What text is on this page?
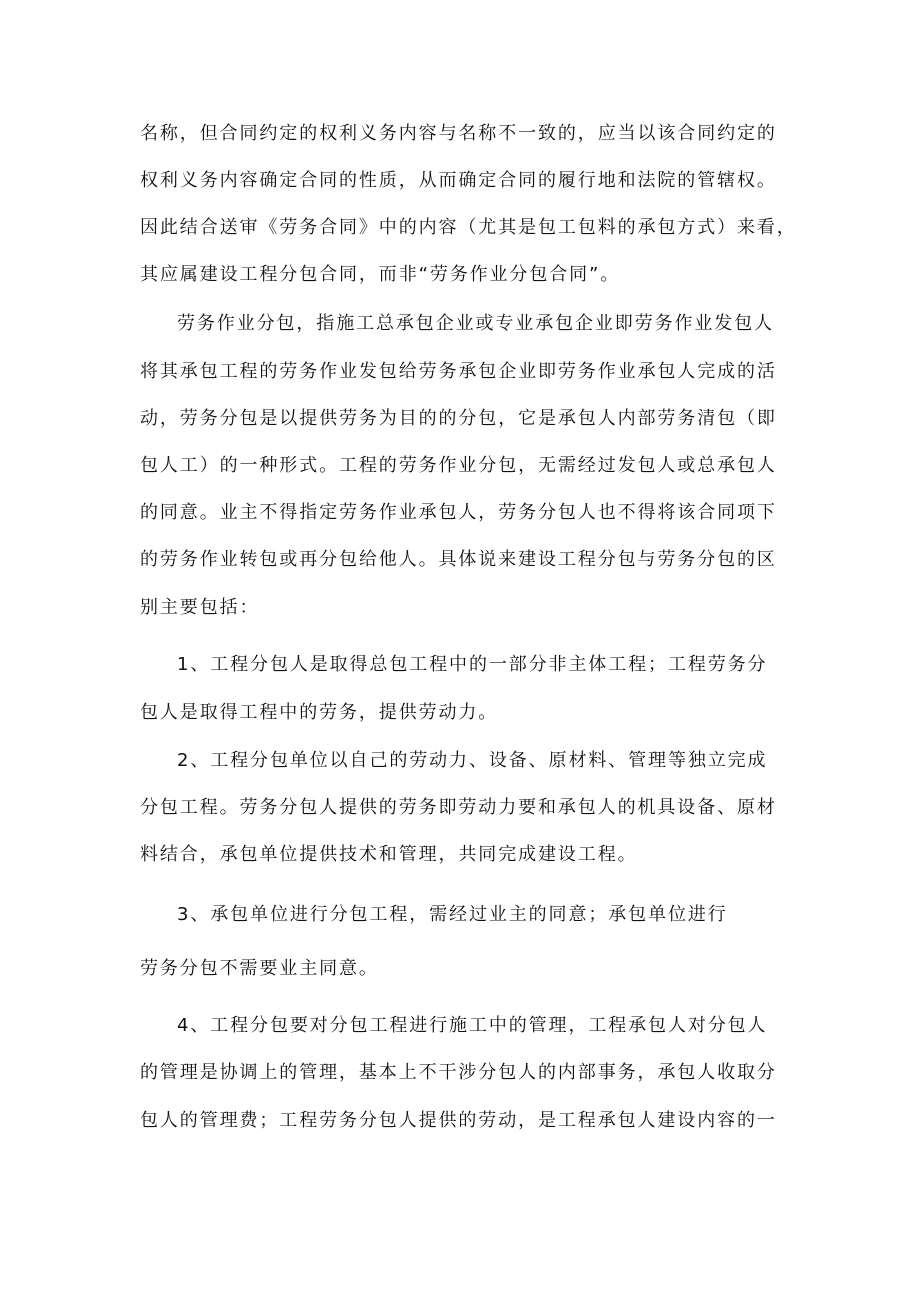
名称，但合同约定的权利义务内容与名称不一致的，应当以该合同约定的
权利义务内容确定合同的性质，从而确定合同的履行地和法院的管辖权。
因此结合送审《劳务合同》中的内容（尤其是包工包料的承包方式）来看，
其应属建设工程分包合同，而非“劳务作业分包合同”。
劳务作业分包，指施工总承包企业或专业承包企业即劳务作业发包人
将其承包工程的劳务作业发包给劳务承包企业即劳务作业承包人完成的活
动，劳务分包是以提供劳务为目的的分包，它是承包人内部劳务清包（即
包人工）的一种形式。工程的劳务作业分包，无需经过发包人或总承包人
的同意。业主不得指定劳务作业承包人，劳务分包人也不得将该合同项下
的劳务作业转包或再分包给他人。具体说来建设工程分包与劳务分包的区
别主要包括：
1、工程分包人是取得总包工程中的一部分非主体工程；工程劳务分
包人是取得工程中的劳务，提供劳动力。
2、工程分包单位以自己的劳动力、设备、原材料、管理等独立完成
分包工程。劳务分包人提供的劳务即劳动力要和承包人的机具设备、原材
料结合，承包单位提供技术和管理，共同完成建设工程。
3、承包单位进行分包工程，需经过业主的同意；承包单位进行
劳务分包不需要业主同意。
4、工程分包要对分包工程进行施工中的管理，工程承包人对分包人
的管理是协调上的管理，基本上不干涉分包人的内部事务，承包人收取分
包人的管理费；工程劳务分包人提供的劳动，是工程承包人建设内容的一
